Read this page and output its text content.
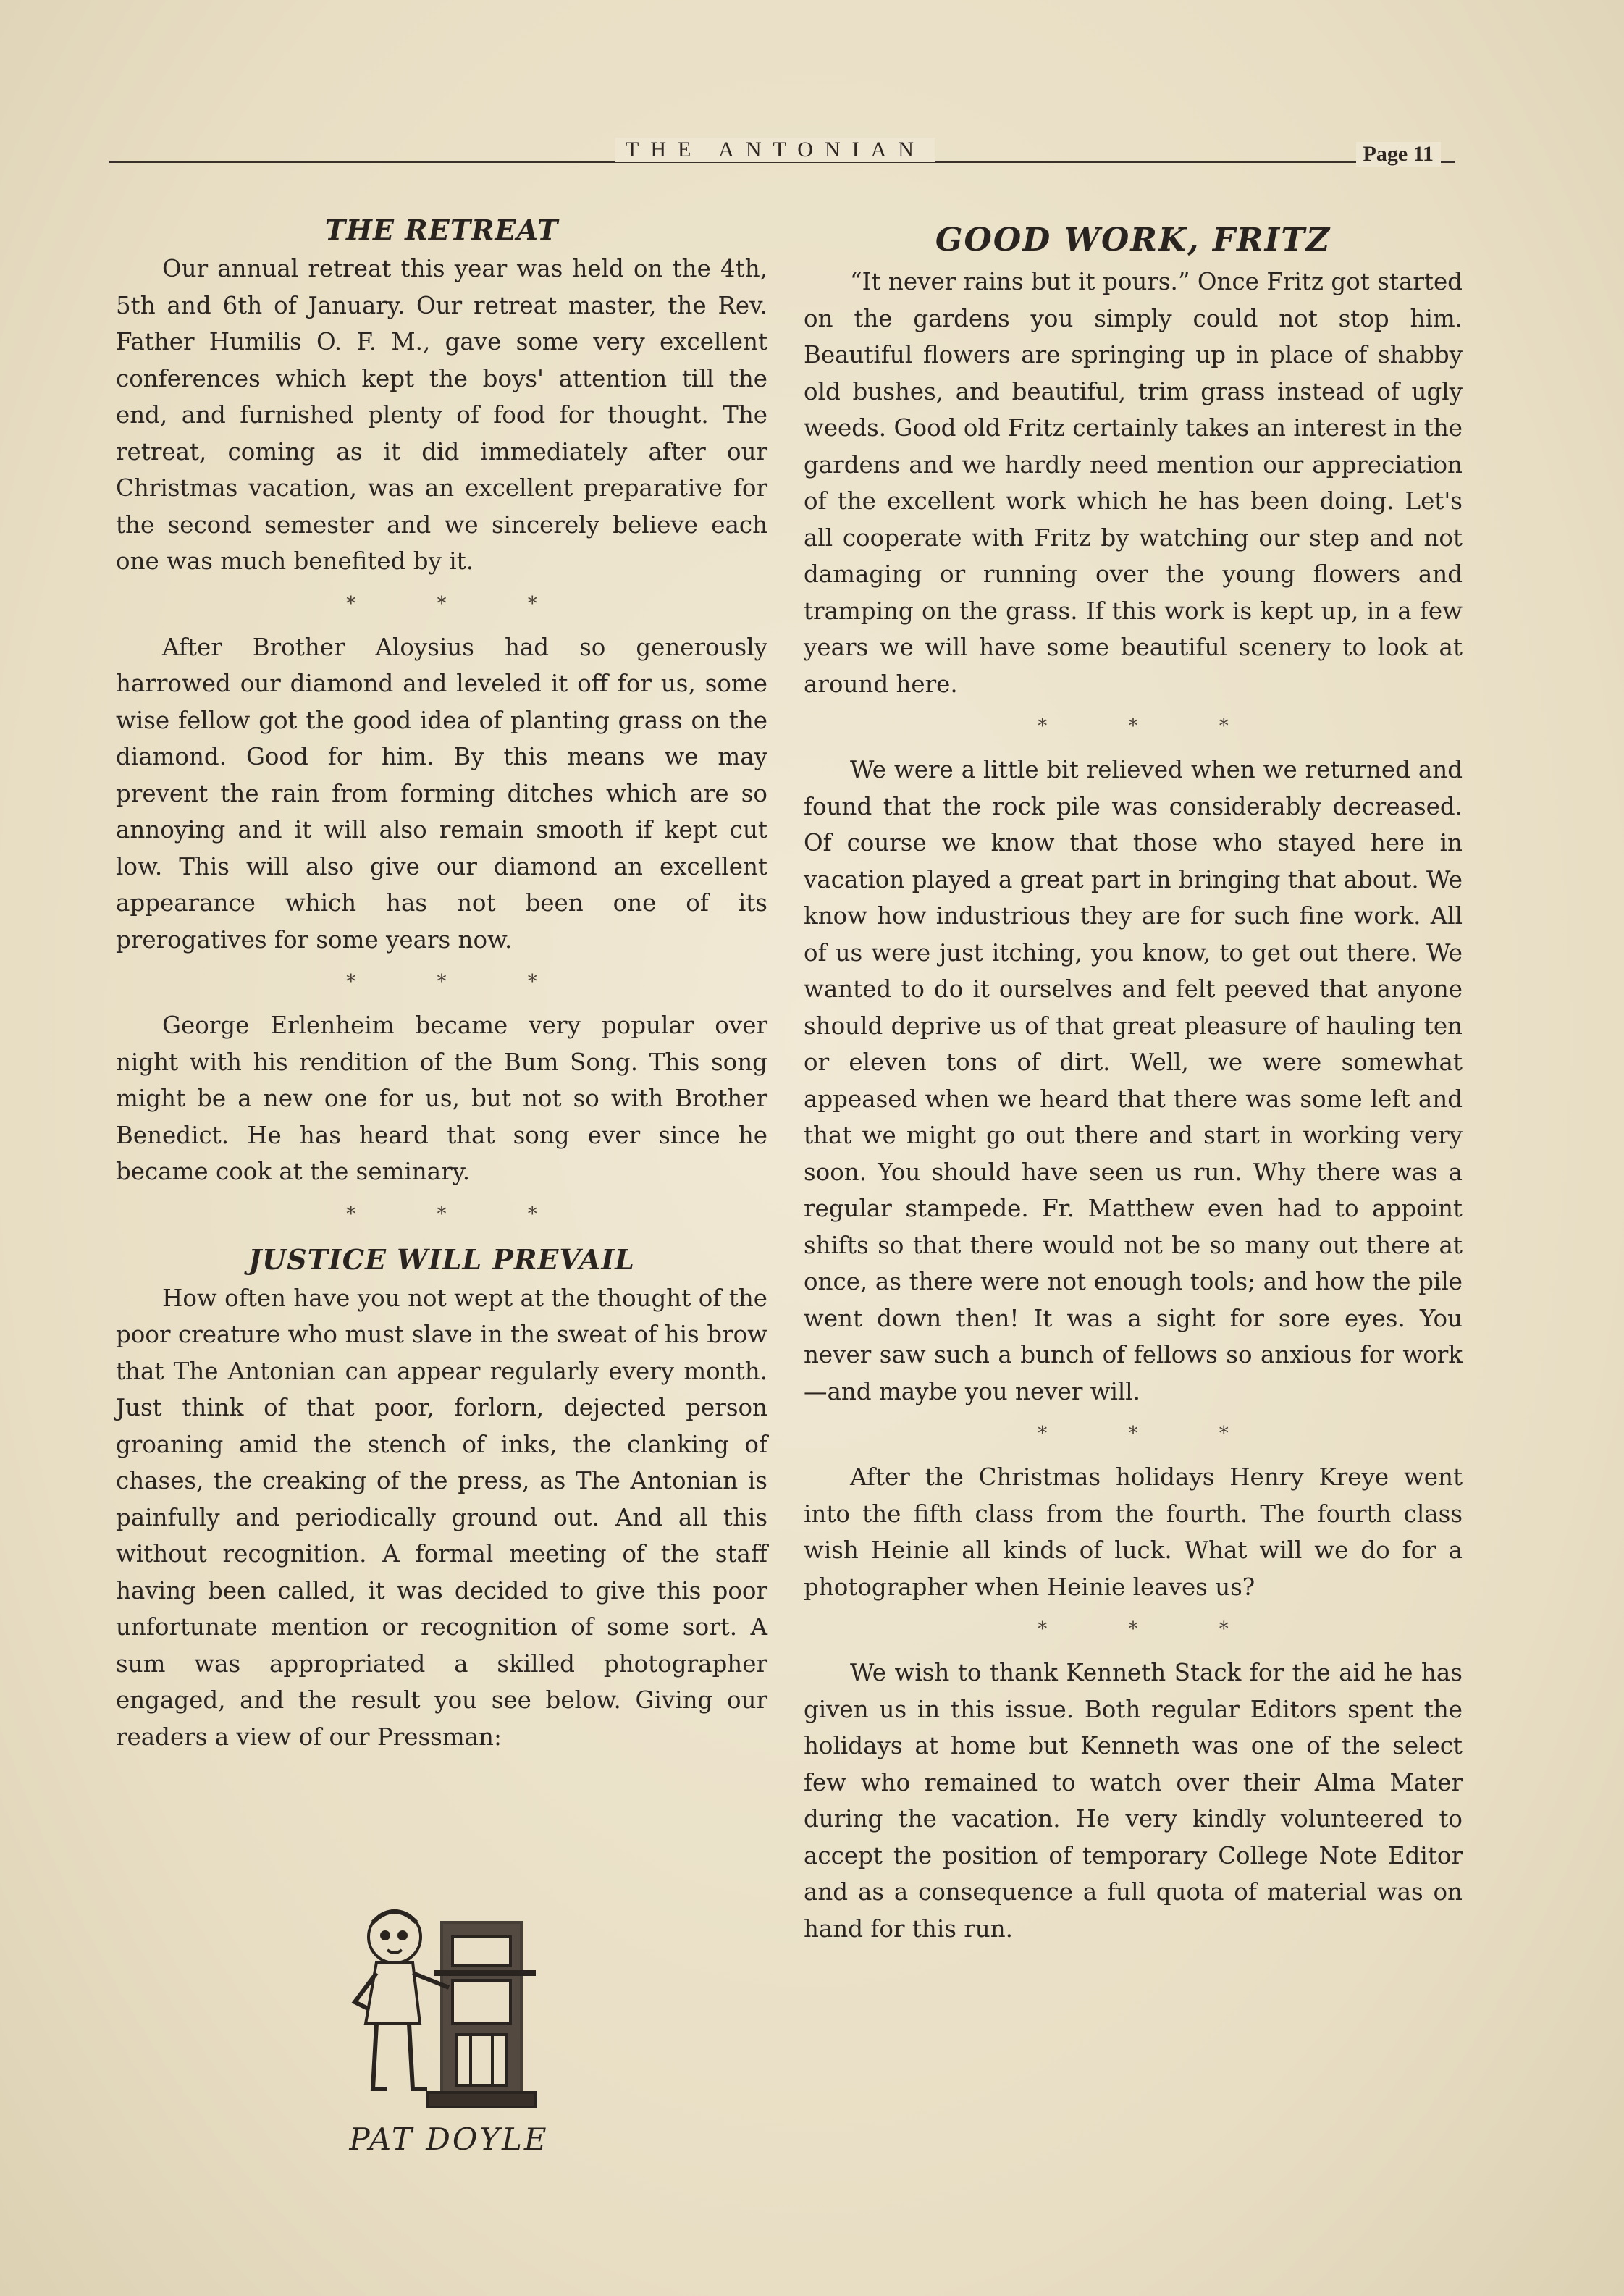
THE ANTONIAN	Page 11
THE RETREAT

Our annual retreat this year was held on the 4th, 5th and 6th of January. Our retreat master, the Rev. Father Humilis O. F. M., gave some very excellent conferences which kept the boys' attention till the end, and furnished plenty of food for thought. The retreat, coming as it did immediately after our Christmas vacation, was an excellent preparative for the second semester and we sincerely believe each one was much benefited by it.

* * *

After Brother Aloysius had so generously harrowed our diamond and leveled it off for us, some wise fellow got the good idea of planting grass on the diamond. Good for him. By this means we may prevent the rain from forming ditches which are so annoying and it will also remain smooth if kept cut low. This will also give our diamond an excellent appearance which has not been one of its prerogatives for some years now.

* * *

George Erlenheim became very popular over night with his rendition of the Bum Song. This song might be a new one for us, but not so with Brother Benedict. He has heard that song ever since he became cook at the seminary.

* * *
JUSTICE WILL PREVAIL

How often have you not wept at the thought of the poor creature who must slave in the sweat of his brow that The Antonian can appear regularly every month. Just think of that poor, forlorn, dejected person groaning amid the stench of inks, the clanking of chases, the creaking of the press, as The Antonian is painfully and periodically ground out. And all this without recognition. A formal meeting of the staff having been called, it was decided to give this poor unfortunate mention or recognition of some sort. A sum was appropriated a skilled photographer engaged, and the result you see below. Giving our readers a view of our Pressman:

PAT DOYLE
GOOD WORK, FRITZ

“It never rains but it pours.” Once Fritz got started on the gardens you simply could not stop him. Beautiful flowers are springing up in place of shabby old bushes, and beautiful, trim grass instead of ugly weeds. Good old Fritz certainly takes an interest in the gardens and we hardly need mention our appreciation of the excellent work which he has been doing. Let's all cooperate with Fritz by watching our step and not damaging or running over the young flowers and tramping on the grass. If this work is kept up, in a few years we will have some beautiful scenery to look at around here.

* * *

We were a little bit relieved when we returned and found that the rock pile was considerably decreased. Of course we know that those who stayed here in vacation played a great part in bringing that about. We know how industrious they are for such fine work. All of us were just itching, you know, to get out there. We wanted to do it ourselves and felt peeved that anyone should deprive us of that great pleasure of hauling ten or eleven tons of dirt. Well, we were somewhat appeased when we heard that there was some left and that we might go out there and start in working very soon. You should have seen us run. Why there was a regular stampede. Fr. Matthew even had to appoint shifts so that there would not be so many out there at once, as there were not enough tools; and how the pile went down then! It was a sight for sore eyes. You never saw such a bunch of fellows so anxious for work—and maybe you never will.

* * *

After the Christmas holidays Henry Kreye went into the fifth class from the fourth. The fourth class wish Heinie all kinds of luck. What will we do for a photographer when Heinie leaves us?

* * *

We wish to thank Kenneth Stack for the aid he has given us in this issue. Both regular Editors spent the holidays at home but Kenneth was one of the select few who remained to watch over their Alma Mater during the vacation. He very kindly volunteered to accept the position of temporary College Note Editor and as a consequence a full quota of material was on hand for this run.
